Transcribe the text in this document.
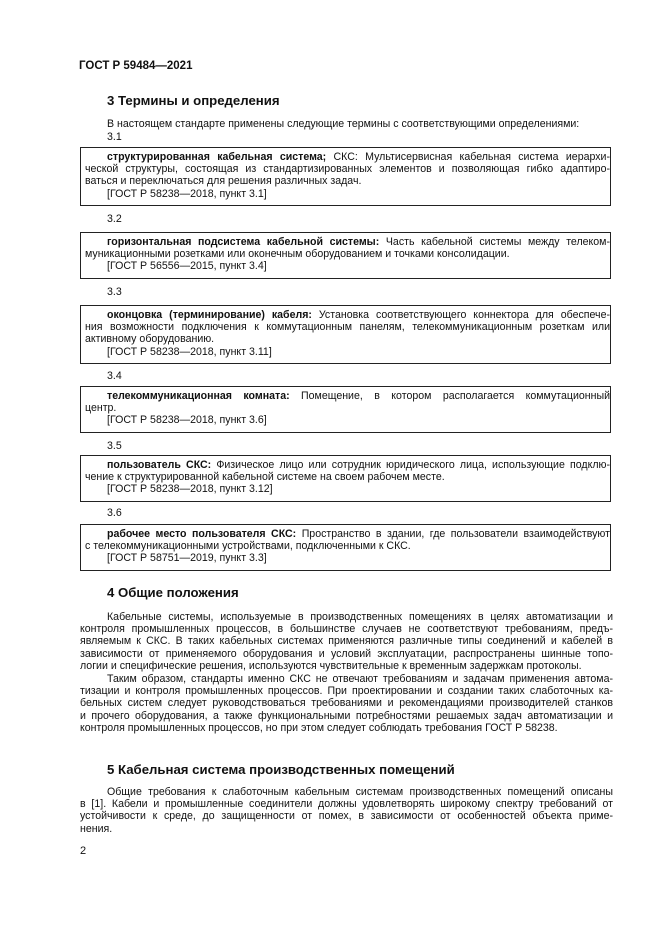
ГОСТ Р 59484—2021
3 Термины и определения
В настоящем стандарте применены следующие термины с соответствующими определениями:
3.1
структурированная кабельная система; СКС: Мультисервисная кабельная система иерархи-
ческой структуры, состоящая из стандартизированных элементов и позволяющая гибко адаптиро-
ваться и переключаться для решения различных задач.
[ГОСТ Р 58238—2018, пункт 3.1]
3.2
горизонтальная подсистема кабельной системы: Часть кабельной системы между телеком-
муникационными розетками или оконечным оборудованием и точками консолидации.
[ГОСТ Р 56556—2015, пункт 3.4]
3.3
оконцовка (терминирование) кабеля: Установка соответствующего коннектора для обеспече-
ния возможности подключения к коммутационным панелям, телекоммуникационным розеткам или
активному оборудованию.
[ГОСТ Р 58238—2018, пункт 3.11]
3.4
телекоммуникационная комната: Помещение, в котором располагается коммутационный
центр.
[ГОСТ Р 58238—2018, пункт 3.6]
3.5
пользователь СКС: Физическое лицо или сотрудник юридического лица, использующие подклю-
чение к структурированной кабельной системе на своем рабочем месте.
[ГОСТ Р 58238—2018, пункт 3.12]
3.6
рабочее место пользователя СКС: Пространство в здании, где пользователи взаимодействуют
с телекоммуникационными устройствами, подключенными к СКС.
[ГОСТ Р 58751—2019, пункт 3.3]
4 Общие положения
Кабельные системы, используемые в производственных помещениях в целях автоматизации и
контроля промышленных процессов, в большинстве случаев не соответствуют требованиям, предъ-
являемым к СКС. В таких кабельных системах применяются различные типы соединений и кабелей в
зависимости от применяемого оборудования и условий эксплуатации, распространены шинные топо-
логии и специфические решения, используются чувствительные к временным задержкам протоколы.
Таким образом, стандарты именно СКС не отвечают требованиям и задачам применения автома-
тизации и контроля промышленных процессов. При проектировании и создании таких слаботочных ка-
бельных систем следует руководствоваться требованиями и рекомендациями производителей станков
и прочего оборудования, а также функциональными потребностями решаемых задач автоматизации и
контроля промышленных процессов, но при этом следует соблюдать требования ГОСТ Р 58238.
5 Кабельная система производственных помещений
Общие требования к слаботочным кабельным системам производственных помещений описаны
в [1]. Кабели и промышленные соединители должны удовлетворять широкому спектру требований от
устойчивости к среде, до защищенности от помех, в зависимости от особенностей объекта приме-
нения.
2
